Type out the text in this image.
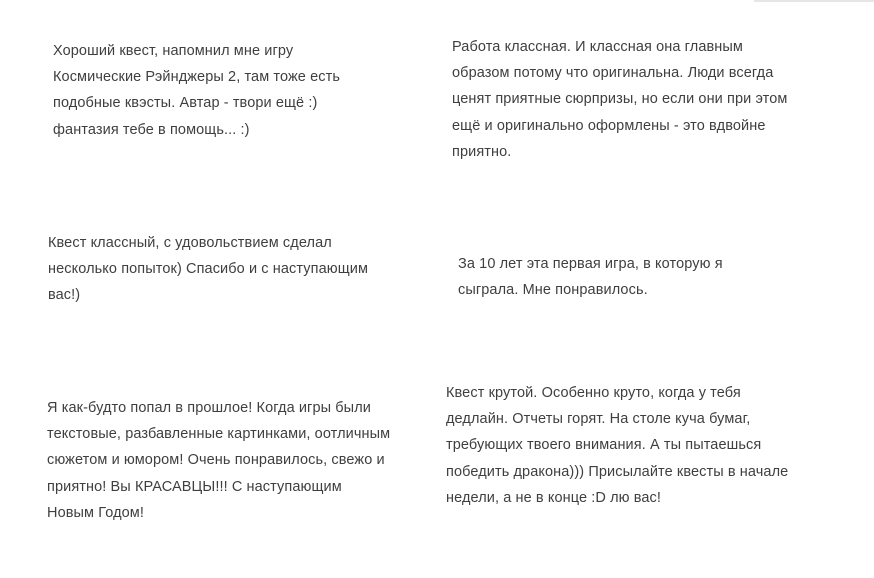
Хороший квест, напомнил мне игру Космические Рэйнджеры 2, там тоже есть подобные квэсты. Автар - твори ещё :) фантазия тебе в помощь... :)
Работа классная. И классная она главным образом потому что оригинальна. Люди всегда ценят приятные сюрпризы, но если они при этом ещё и оригинально оформлены - это вдвойне приятно.
Квест классный, с удовольствием сделал несколько попыток) Спасибо и с наступающим вас!)
За 10 лет эта первая игра, в которую я сыграла. Мне понравилось.
Я как-будто попал в прошлое! Когда игры были текстовые, разбавленные картинками, оотличным сюжетом и юмором! Очень понравилось, свежо и приятно! Вы КРАСАВЦЫ!!! С наступающим Новым Годом!
Квест крутой. Особенно круто, когда у тебя дедлайн. Отчеты горят. На столе куча бумаг, требующих твоего внимания. А ты пытаешься победить дракона))) Присылайте квесты в начале недели, а не в конце :D лю вас!
